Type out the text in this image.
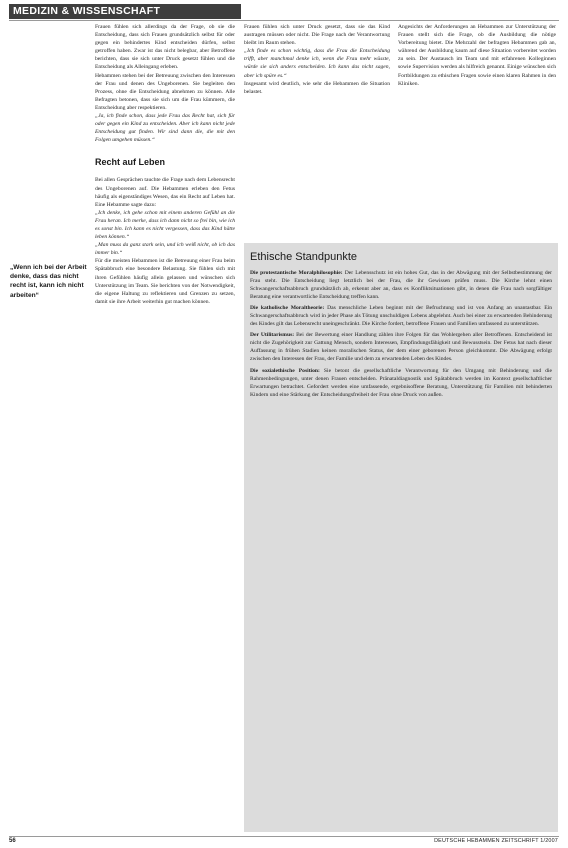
MEDIZIN & WISSENSCHAFT
„Wenn ich bei der Arbeit denke, dass das nicht recht ist, kann ich nicht arbeiten“

Frauen fühlen sich allerdings da der Frage, ob sie die Entscheidung, dass sich Frauen grundsätzlich selbst für oder gegen ein behindertes Kind entscheiden dürfen, selbst getroffen haben. Zwar ist das nicht belegbar, aber Betroffene berichten, dass sie sich unter Druck gesetzt fühlen und die Entscheidung als Alleingang erleben.

Hebammen stehen bei der Betreuung zwischen den Interessen der Frau und denen des Ungeborenen. Sie begleiten den Prozess, ohne die Entscheidung abnehmen zu können. Alle Befragten betonen, dass sie sich um die Frau kümmern, die Entscheidung aber respektieren.

„Ja, ich finde schon, dass jede Frau das Recht hat, sich für oder gegen ein Kind zu entscheiden. Aber ich kann nicht jede Entscheidung gut finden. Wir sind dann die, die mit den Folgen umgehen müssen.“

Recht auf Leben

Bei allen Gesprächen tauchte die Frage nach dem Lebensrecht des Ungeborenen auf. Die Hebammen erleben den Fetus häufig als eigenständiges Wesen, das ein Recht auf Leben hat. Eine Hebamme sagte dazu:

„Ich denke, ich gehe schon mit einem anderen Gefühl an die Frau heran. Ich merke, dass ich dann nicht so frei bin, wie ich es sonst bin. Ich kann es nicht vergessen, dass das Kind hätte leben können.“

„Man muss da ganz stark sein, und ich weiß nicht, ob ich das immer bin.“

Für die meisten Hebammen ist die Betreuung einer Frau beim Spätabbruch eine besondere Belastung. Sie fühlen sich mit ihren Gefühlen häufig allein gelassen und wünschen sich Unterstützung im Team. Sie berichten von der Notwendigkeit, die eigene Haltung zu reflektieren und Grenzen zu setzen, damit sie ihre Arbeit weiterhin gut machen können.

Frauen fühlen sich unter Druck gesetzt, dass sie das Kind austragen müssen oder nicht. Die Frage nach der Verantwortung bleibt im Raum stehen.

„Ich finde es schon wichtig, dass die Frau die Entscheidung trifft, aber manchmal denke ich, wenn die Frau mehr wüsste, würde sie sich anders entscheiden. Ich kann das nicht sagen, aber ich spüre es.“

Insgesamt wird deutlich, wie sehr die Hebammen die Situation belastet.

Angesichts der Anforderungen an Hebammen zur Unterstützung der Frauen stellt sich die Frage, ob die Ausbildung die nötige Vorbereitung bietet. Die Mehrzahl der befragten Hebammen gab an, während der Ausbildung kaum auf diese Situation vorbereitet worden zu sein. Der Austausch im Team und mit erfahrenen Kolleginnen sowie Supervision werden als hilfreich genannt. Einige wünschen sich Fortbildungen zu ethischen Fragen sowie einen klaren Rahmen in den Kliniken.

Ethische Standpunkte

Die protestantische Moralphilosophie: Der Lebensschutz ist ein hohes Gut, das in der Abwägung mit der Selbstbestimmung der Frau steht. Die Entscheidung liegt letztlich bei der Frau, die ihr Gewissen prüfen muss. Die Kirche lehnt einen Schwangerschaftsabbruch grundsätzlich ab, erkennt aber an, dass es Konfliktsituationen gibt, in denen die Frau nach sorgfältiger Beratung eine verantwortliche Entscheidung treffen kann.

Die katholische Moraltheorie: Das menschliche Leben beginnt mit der Befruchtung und ist von Anfang an unantastbar. Ein Schwangerschaftsabbruch wird in jeder Phase als Tötung unschuldigen Lebens abgelehnt. Auch bei einer zu erwartenden Behinderung des Kindes gilt das Lebensrecht uneingeschränkt. Die Kirche fordert, betroffene Frauen und Familien umfassend zu unterstützen.

Der Utilitarismus: Bei der Bewertung einer Handlung zählen ihre Folgen für das Wohlergehen aller Betroffenen. Entscheidend ist nicht die Zugehörigkeit zur Gattung Mensch, sondern Interessen, Empfindungsfähigkeit und Bewusstsein. Der Fetus hat nach dieser Auffassung in frühen Stadien keinen moralischen Status, der dem einer geborenen Person gleichkommt. Die Abwägung erfolgt zwischen den Interessen der Frau, der Familie und dem zu erwartenden Leben des Kindes.

Die sozialethische Position: Sie betont die gesellschaftliche Verantwortung für den Umgang mit Behinderung und die Rahmenbedingungen, unter denen Frauen entscheiden. Pränataldiagnostik und Spätabbruch werden im Kontext gesellschaftlicher Erwartungen betrachtet. Gefordert werden eine umfassende, ergebnisoffene Beratung, Unterstützung für Familien mit behinderten Kindern und eine Stärkung der Entscheidungsfreiheit der Frau ohne Druck von außen.

56	DEUTSCHE HEBAMMEN ZEITSCHRIFT 1/2007
